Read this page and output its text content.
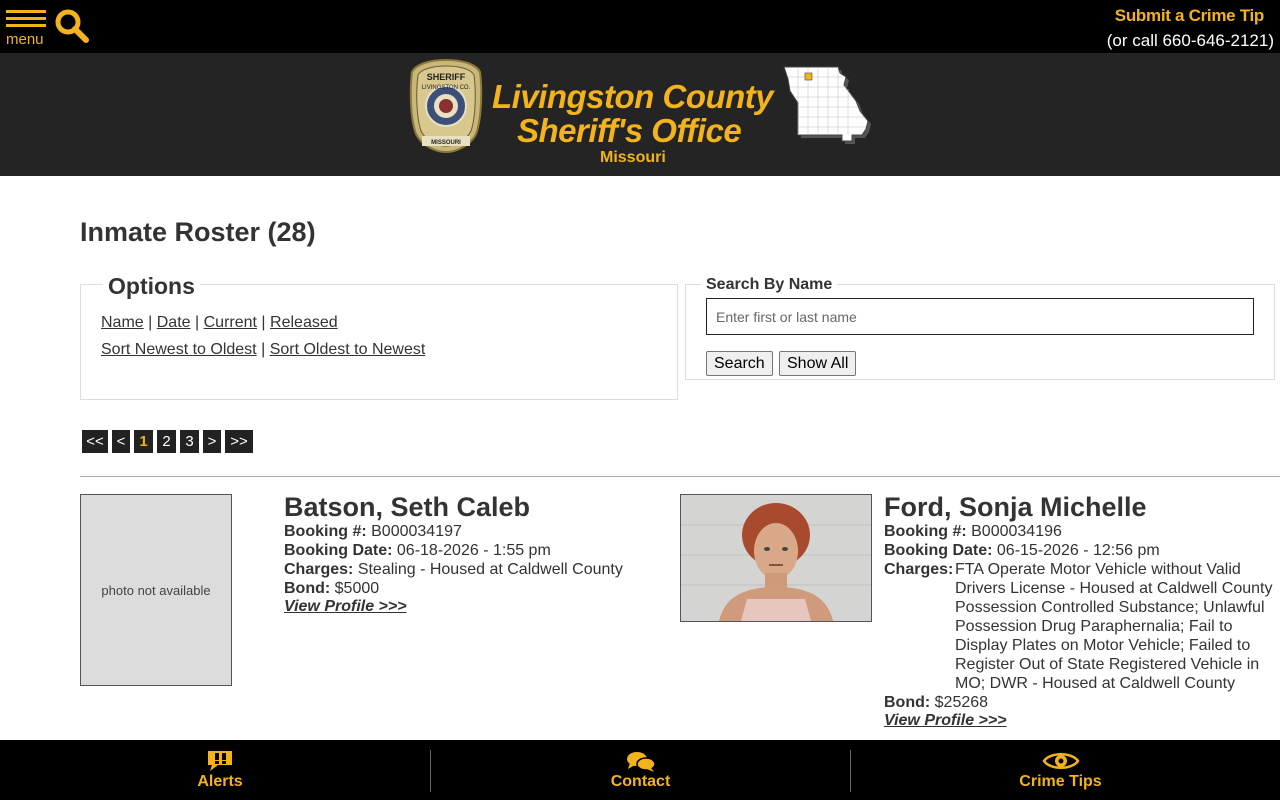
menu
Submit a Crime Tip
(or call 660-646-2121)
SHERIFF
LIVINGSTON CO.
MISSOURI
Livingston County
Sheriff's Office
Missouri
Inmate Roster (28)
Options
Name | Date | Current | Released
Sort Newest to Oldest | Sort Oldest to Newest
Search By Name
Enter first or last name
Search	Show All
<< < 1 2 3 > >>
photo not available
Batson, Seth Caleb
Booking #: B000034197
Booking Date: 06-18-2026 - 1:55 pm
Charges: Stealing - Housed at Caldwell County
Bond: $5000
View Profile >>>
Ford, Sonja Michelle
Booking #: B000034196
Booking Date: 06-15-2026 - 12:56 pm
Charges: FTA Operate Motor Vehicle without Valid
Drivers License - Housed at Caldwell County
Possession Controlled Substance; Unlawful
Possession Drug Paraphernalia; Fail to
Display Plates on Motor Vehicle; Failed to
Register Out of State Registered Vehicle in
MO; DWR - Housed at Caldwell County
Bond: $25268
View Profile >>>
Alerts	Contact	Crime Tips
